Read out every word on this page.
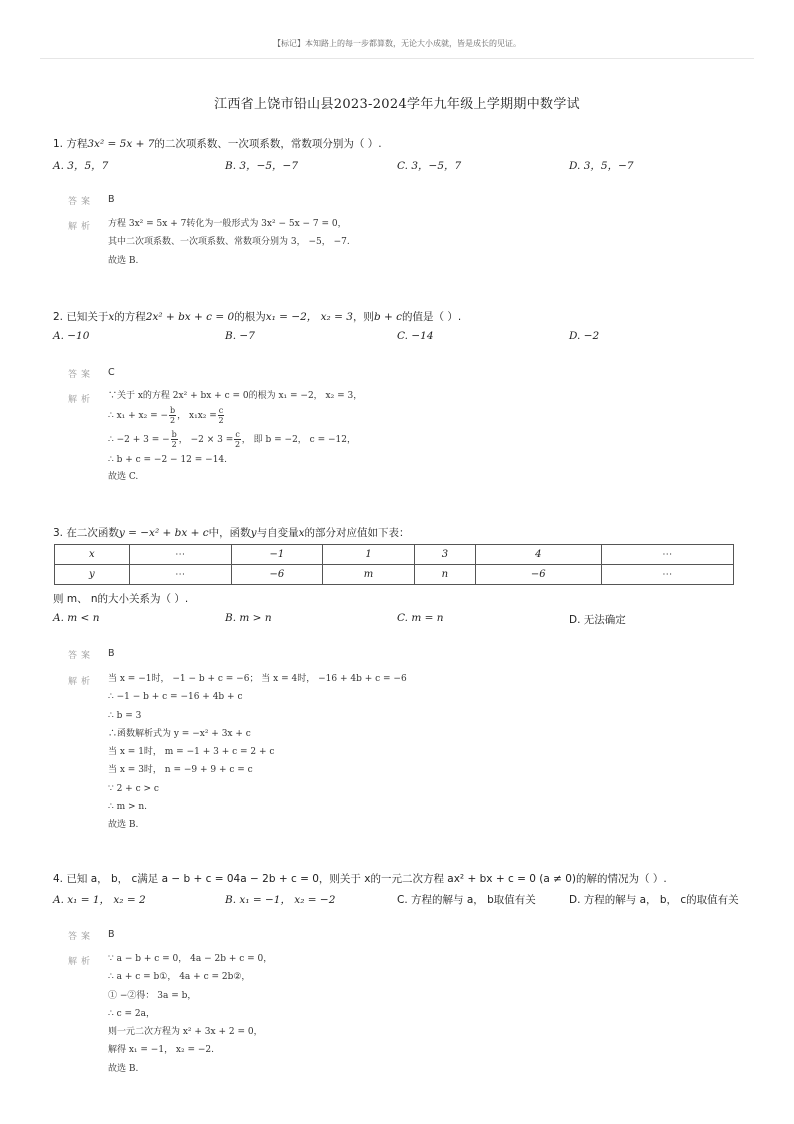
【标记】本知路上的每一步都算数，无论大小成就，皆是成长的见证。
江西省上饶市铅山县2023-2024学年九年级上学期期中数学试
1. 方程3x² = 5x + 7的二次项系数、一次项系数，常数项分别为（ ）.
A. 3，5，7	B. 3，−5，−7	C. 3，−5，7	D. 3，5，−7
答案 B
解析 方程 3x² = 5x + 7转化为一般形式为 3x² − 5x − 7 = 0，
其中二次项系数、一次项系数、常数项分别为 3， −5， −7.
故选 B.
2. 已知关于x的方程2x² + bx + c = 0的根为x₁ = −2， x₂ = 3，则b + c的值是（ ）.
A. −10	B. −7	C. −14	D. −2
答案 C
解析 ∵关于 x的方程 2x² + bx + c = 0的根为 x₁ = −2， x₂ = 3，
∴ x₁ + x₂ = − $\frac{b}{2}$ ， $x_1x_2 = \frac{c}{2}$
∴ −2 + 3 = − $\frac{b}{2}$ ， $-2 \times 3 = \frac{c}{2}$ ， 即 b = −2， c = −12，
∴ b + c = −2 − 12 = −14.
故选 C.
3. 在二次函数y = −x² + bx + c中，函数y与自变量x的部分对应值如下表：
x	⋯	−1	1	3	4	⋯
y	⋯	−6	m	n	−6	⋯
则 m、 n的大小关系为（ ）.
A. m < n	B. m > n	C. m = n	D. 无法确定
答案 B
解析 当 x = −1时， −1 − b + c = −6； 当 x = 4时， −16 + 4b + c = −6
∴ −1 − b + c = −16 + 4b + c
∴ b = 3
∴函数解析式为 y = −x² + 3x + c
当 x = 1时， m = −1 + 3 + c = 2 + c
当 x = 3时， n = −9 + 9 + c = c
∵ 2 + c > c
∴ m > n.
故选 B.
4. 已知 a， b， c满足 a − b + c = 04a − 2b + c = 0，则关于 x的一元二次方程 ax² + bx + c = 0 (a ≠ 0)的解的情况为（ ）.
A. x₁ = 1， x₂ = 2	B. x₁ = −1， x₂ = −2	C. 方程的解与 a， b取值有关	D. 方程的解与 a， b， c的取值有关
答案 B
解析 ∵ a − b + c = 0， 4a − 2b + c = 0，
∴ a + c = b①， 4a + c = 2b②，
① −②得： 3a = b，
∴ c = 2a，
则一元二次方程为 x² + 3x + 2 = 0，
解得 x₁ = −1， x₂ = −2.
故选 B.
